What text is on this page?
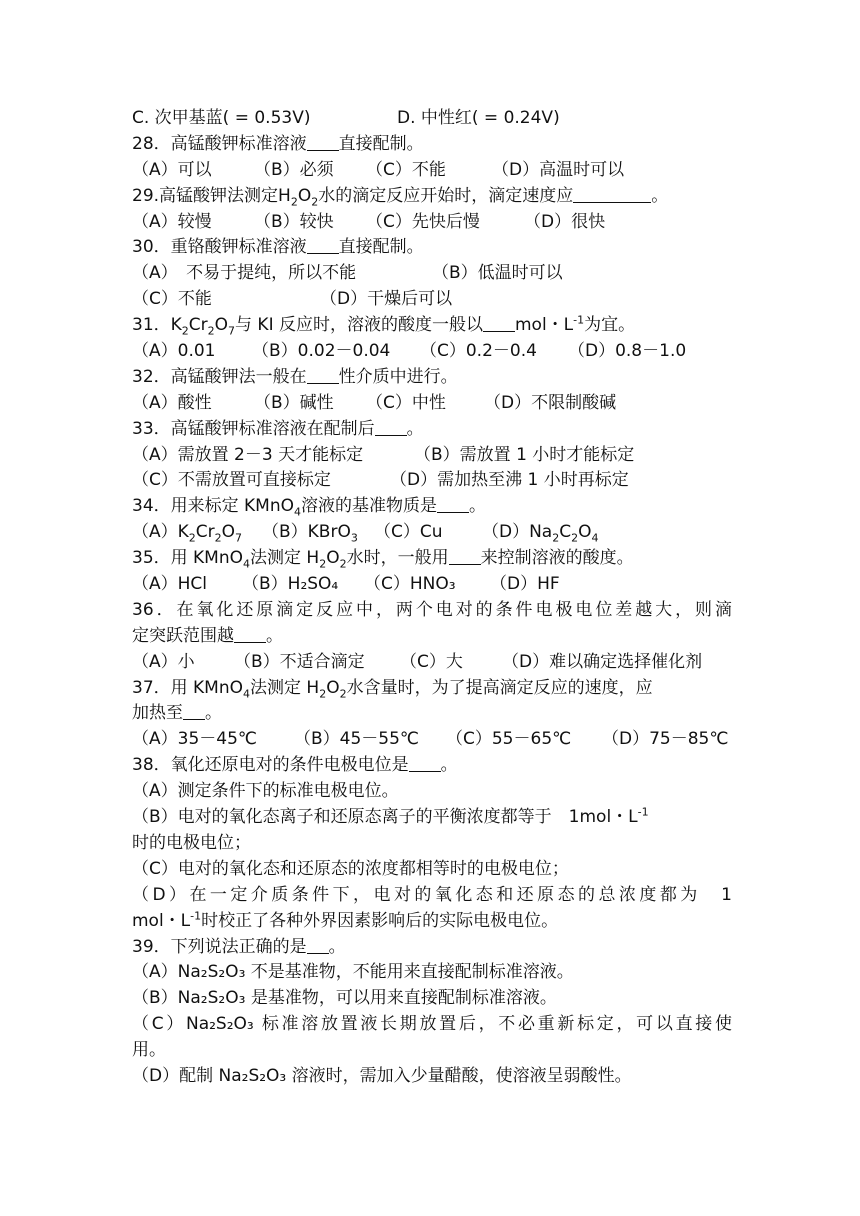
C. 次甲基蓝( = 0.53V)	D. 中性红( = 0.24V)
28．高锰酸钾标准溶液 直接配制。
（A）可以	（B）必须	（C）不能	（D）高温时可以
29.高锰酸钾法测定$H_2O_2$水的滴定反应开始时，滴定速度应	。
（A）较慢	（B）较快	（C）先快后慢	（D）很快
30．重铬酸钾标准溶液 直接配制。
（A）　不易于提纯，所以不能	（B）低温时可以
（C）不能	（D）干燥后可以
31．$K_2Cr_2O_7$与 KI 反应时，溶液的酸度一般以 mol・$L^{-1}$为宜。
（A）0.01	（B）0.02－0.04	（C）0.2－0.4	（D）0.8－1.0
32．高锰酸钾法一般在 性介质中进行。
（A）酸性	（B）碱性	（C）中性	（D）不限制酸碱
33．高锰酸钾标准溶液在配制后 。
（A）需放置 2－3 天才能标定	（B）需放置 1 小时才能标定
（C）不需放置可直接标定	（D）需加热至沸 1 小时再标定
34．用来标定 KMnO$_4$溶液的基准物质是 。
$(A)K_2Cr_2O_7$	（B）KBrO$_3$ （C）Cu	$(D)Na_2C_2O_4$
35．用 KMnO$_4$法测定 $H_2O_2$水时，一般用 来控制溶液的酸度。
（A）HCl	（B）H₂SO₄	（C）HNO₃	（D）HF
36．在氧化还原滴定反应中，两个电对的条件电极电位差越大，则滴
定突跃范围越 。
（A）小	（B）不适合滴定	（C）大	（D）难以确定选择催化剂
37．用 KMnO$_4$法测定 $H_2O_2$水含量时，为了提高滴定反应的速度，应
加热至 。
（A）35－45℃	（B）45－55℃	（C）55－65℃	（D）75－85℃
38．氧化还原电对的条件电极电位是 。
（A）测定条件下的标准电极电位。
（B）电对的氧化态离子和还原态离子的平衡浓度都等于　1mol・$L^{-1}$
时的电极电位；
（C）电对的氧化态和还原态的浓度都相等时的电极电位；
（D）在一定介质条件下，电对的氧化态和还原态的总浓度都为　1
mol・$L^{-1}$时校正了各种外界因素影响后的实际电极电位。
39．下列说法正确的是 。
（A）Na₂S₂O₃ 不是基准物，不能用来直接配制标准溶液。
（B）Na₂S₂O₃ 是基准物，可以用来直接配制标准溶液。
（C）Na₂S₂O₃ 标准溶放置液长期放置后，不必重新标定，可以直接使
用。
（D）配制 Na₂S₂O₃ 溶液时，需加入少量醋酸，使溶液呈弱酸性。
